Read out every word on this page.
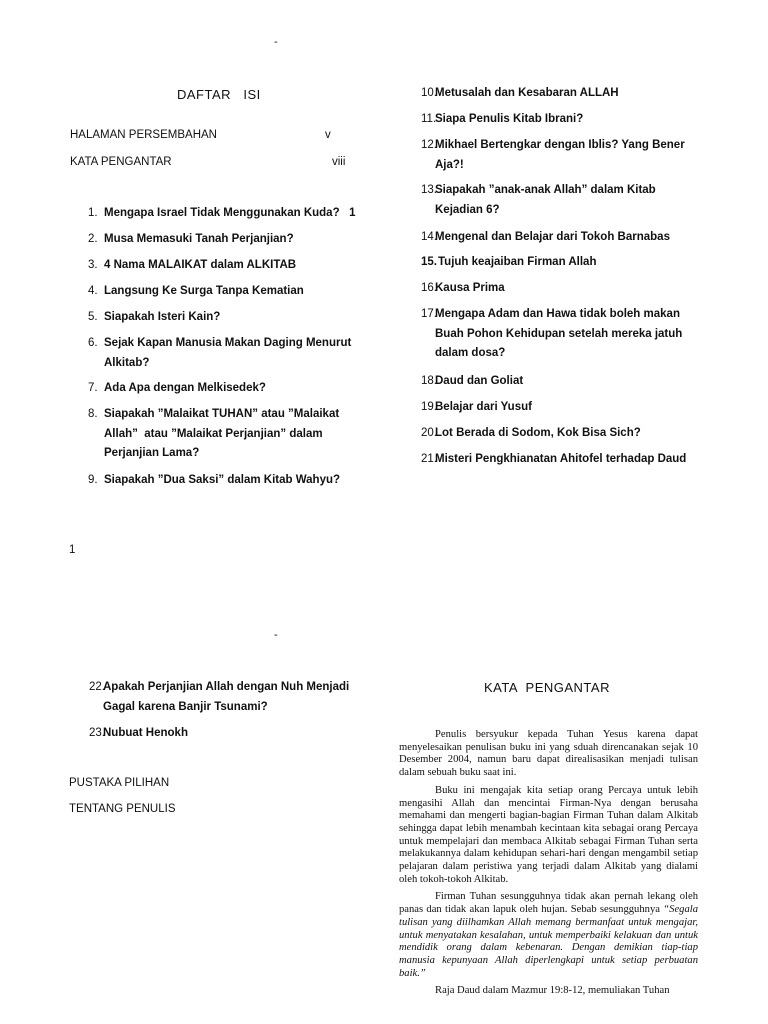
-
DAFTAR   ISI
HALAMAN PERSEMBAHAN	v
KATA PENGANTAR	viii
1. Mengapa Israel Tidak Menggunakan Kuda?   1
2. Musa Memasuki Tanah Perjanjian?
3. 4 Nama MALAIKAT dalam ALKITAB
4. Langsung Ke Surga Tanpa Kematian
5. Siapakah Isteri Kain?
6. Sejak Kapan Manusia Makan Daging Menurut
Alkitab?
7. Ada Apa dengan Melkisedek?
8. Siapakah ”Malaikat TUHAN” atau ”Malaikat
Allah”  atau ”Malaikat Perjanjian” dalam
Perjanjian Lama?
9. Siapakah ”Dua Saksi” dalam Kitab Wahyu?
10.
Metusalah dan Kesabaran ALLAH
11.
Siapa Penulis Kitab Ibrani?
12.
Mikhael Bertengkar dengan Iblis? Yang Bener
Aja?!
13.
Siapakah ”anak-anak Allah” dalam Kitab
Kejadian 6?
14.
Mengenal dan Belajar dari Tokoh Barnabas
15. Tujuh keajaiban Firman Allah
16.
Kausa Prima
17.
Mengapa Adam dan Hawa tidak boleh makan
Buah Pohon Kehidupan setelah mereka jatuh
dalam dosa?
18.
Daud dan Goliat
19.
Belajar dari Yusuf
20.
Lot Berada di Sodom, Kok Bisa Sich?
21.
Misteri Pengkhianatan Ahitofel terhadap Daud
1
-
22.
Apakah Perjanjian Allah dengan Nuh Menjadi
Gagal karena Banjir Tsunami?
23.
Nubuat Henokh
PUSTAKA PILIHAN
TENTANG PENULIS
KATA  PENGANTAR

Penulis bersyukur kepada Tuhan Yesus karena dapat menyelesaikan penulisan buku ini yang sduah direncanakan sejak 10 Desember 2004, namun baru dapat direalisasikan menjadi tulisan dalam sebuah buku saat ini.

Buku ini mengajak kita setiap orang Percaya untuk lebih mengasihi Allah dan mencintai Firman-Nya dengan berusaha memahami dan mengerti bagian-bagian Firman Tuhan dalam Alkitab sehingga dapat lebih menambah kecintaan kita sebagai orang Percaya untuk mempelajari dan membaca Alkitab sebagai Firman Tuhan serta melakukannya dalam kehidupan sehari-hari dengan mengambil setiap pelajaran dalam peristiwa yang terjadi dalam Alkitab yang dialami oleh tokoh-tokoh Alkitab.

Firman Tuhan sesungguhnya tidak akan pernah lekang oleh panas dan tidak akan lapuk oleh hujan. Sebab sesungguhnya “Segala tulisan yang diilhamkan Allah memang bermanfaat untuk mengajar, untuk menyatakan kesalahan, untuk memperbaiki kelakuan dan untuk mendidik orang dalam kebenaran. Dengan demikian tiap-tiap manusia kepunyaan Allah diperlengkapi untuk setiap perbuatan baik.”

Raja Daud dalam Mazmur 19:8-12, memuliakan Tuhan
